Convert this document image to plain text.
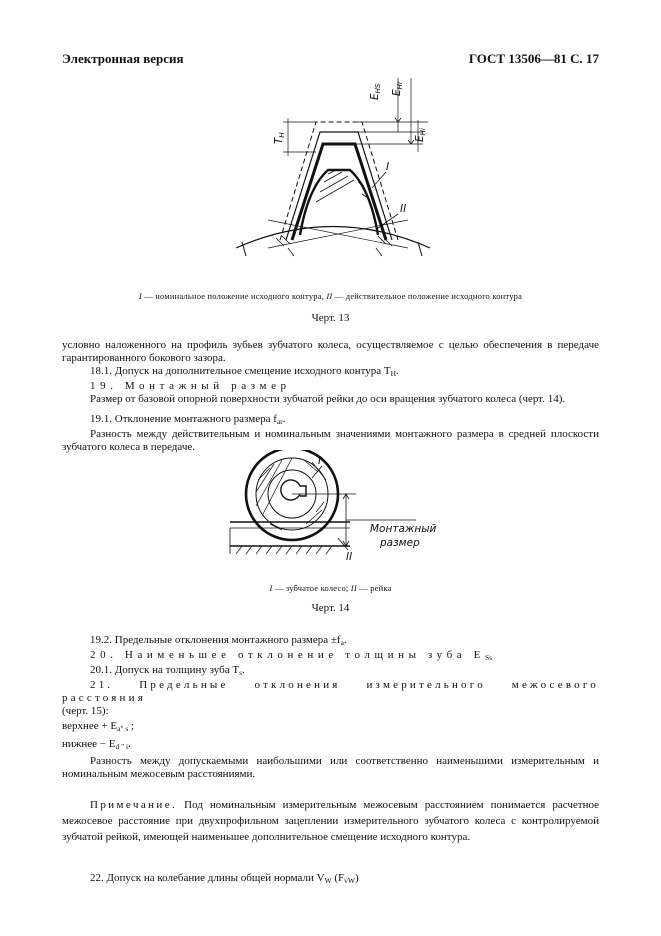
Электронная версия	ГОСТ 13506—81 С. 17
EHS EHr
EHi
TH
I
II
I — номинальное положение исходного контура, II — действительное положение исходного контура
Черт. 13
условно наложенного на профиль зубьев зубчатого колеса, осуществляемое с целью обеспечения в передаче гарантированного бокового зазора.
18.1. Допуск на дополнительное смещение исходного контура $T_H$.
19. Монтажный размер
Размер от базовой опорной поверхности зубчатой рейки до оси вращения зубчатого колеса (черт. 14).
19.1. Отклонение монтажного размера $f_{ar}$.
Разность между действительным и номинальным значениями монтажного размера в средней плоскости зубчатого колеса в передаче.
I
II
Монтажный
размер
I — зубчатое колесо; II — рейка
Черт. 14
19.2. Предельные отклонения монтажного размера $\pm f_a$.
20. Наименьшее отклонение толщины зуба $E_{Ss}$
20.1. Допуск на толщину зуба $T_s$.
21. Предельные отклонения измерительного межосевого расстояния
(черт. 15):
верхнее + $E_{a" s}$ ;
нижнее − $E_{d " i}$.
Разность между допускаемыми наибольшими или соответственно наименьшими измерительным и номинальным межосевым расстояниями.
Примечание. Под номинальным измерительным межосевым расстоянием понимается расчетное межосевое расстояние при двухпрофильном зацеплении измерительного зубчатого колеса с контролируемой зубчатой рейкой, имеющей наименьшее дополнительное смещение исходного контура.
22. Допуск на колебание длины общей нормали $V_W$ $(F_{vW})$
